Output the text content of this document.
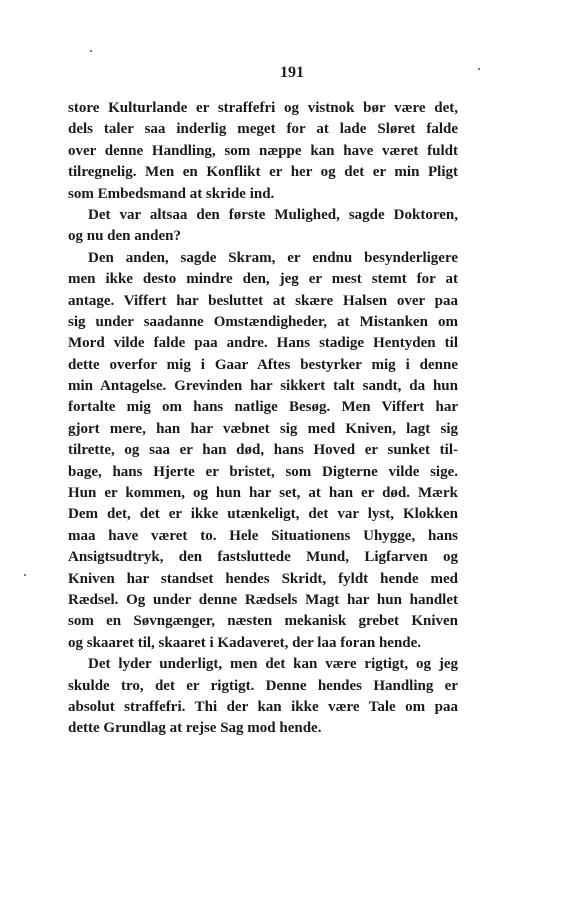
191
store Kulturlande er straffefri og vistnok bør være det,
dels taler saa inderlig meget for at lade Sløret falde
over denne Handling, som næppe kan have været fuldt
tilregnelig. Men en Konflikt er her og det er min Pligt
som Embedsmand at skride ind.
Det var altsaa den første Mulighed, sagde Doktoren,
og nu den anden?
Den anden, sagde Skram, er endnu besynderligere
men ikke desto mindre den, jeg er mest stemt for at
antage. Viffert har besluttet at skære Halsen over paa
sig under saadanne Omstændigheder, at Mistanken om
Mord vilde falde paa andre. Hans stadige Hentyden til
dette overfor mig i Gaar Aftes bestyrker mig i denne
min Antagelse. Grevinden har sikkert talt sandt, da hun
fortalte mig om hans natlige Besøg. Men Viffert har
gjort mere, han har væbnet sig med Kniven, lagt sig
tilrette, og saa er han død, hans Hoved er sunket til-
bage, hans Hjerte er bristet, som Digterne vilde sige.
Hun er kommen, og hun har set, at han er død. Mærk
Dem det, det er ikke utænkeligt, det var lyst, Klokken
maa have været to. Hele Situationens Uhygge, hans
Ansigtsudtryk, den fastsluttede Mund, Ligfarven og
Kniven har standset hendes Skridt, fyldt hende med
Rædsel. Og under denne Rædsels Magt har hun handlet
som en Søvngænger, næsten mekanisk grebet Kniven
og skaaret til, skaaret i Kadaveret, der laa foran hende.
Det lyder underligt, men det kan være rigtigt, og jeg
skulde tro, det er rigtigt. Denne hendes Handling er
absolut straffefri. Thi der kan ikke være Tale om paa
dette Grundlag at rejse Sag mod hende.
